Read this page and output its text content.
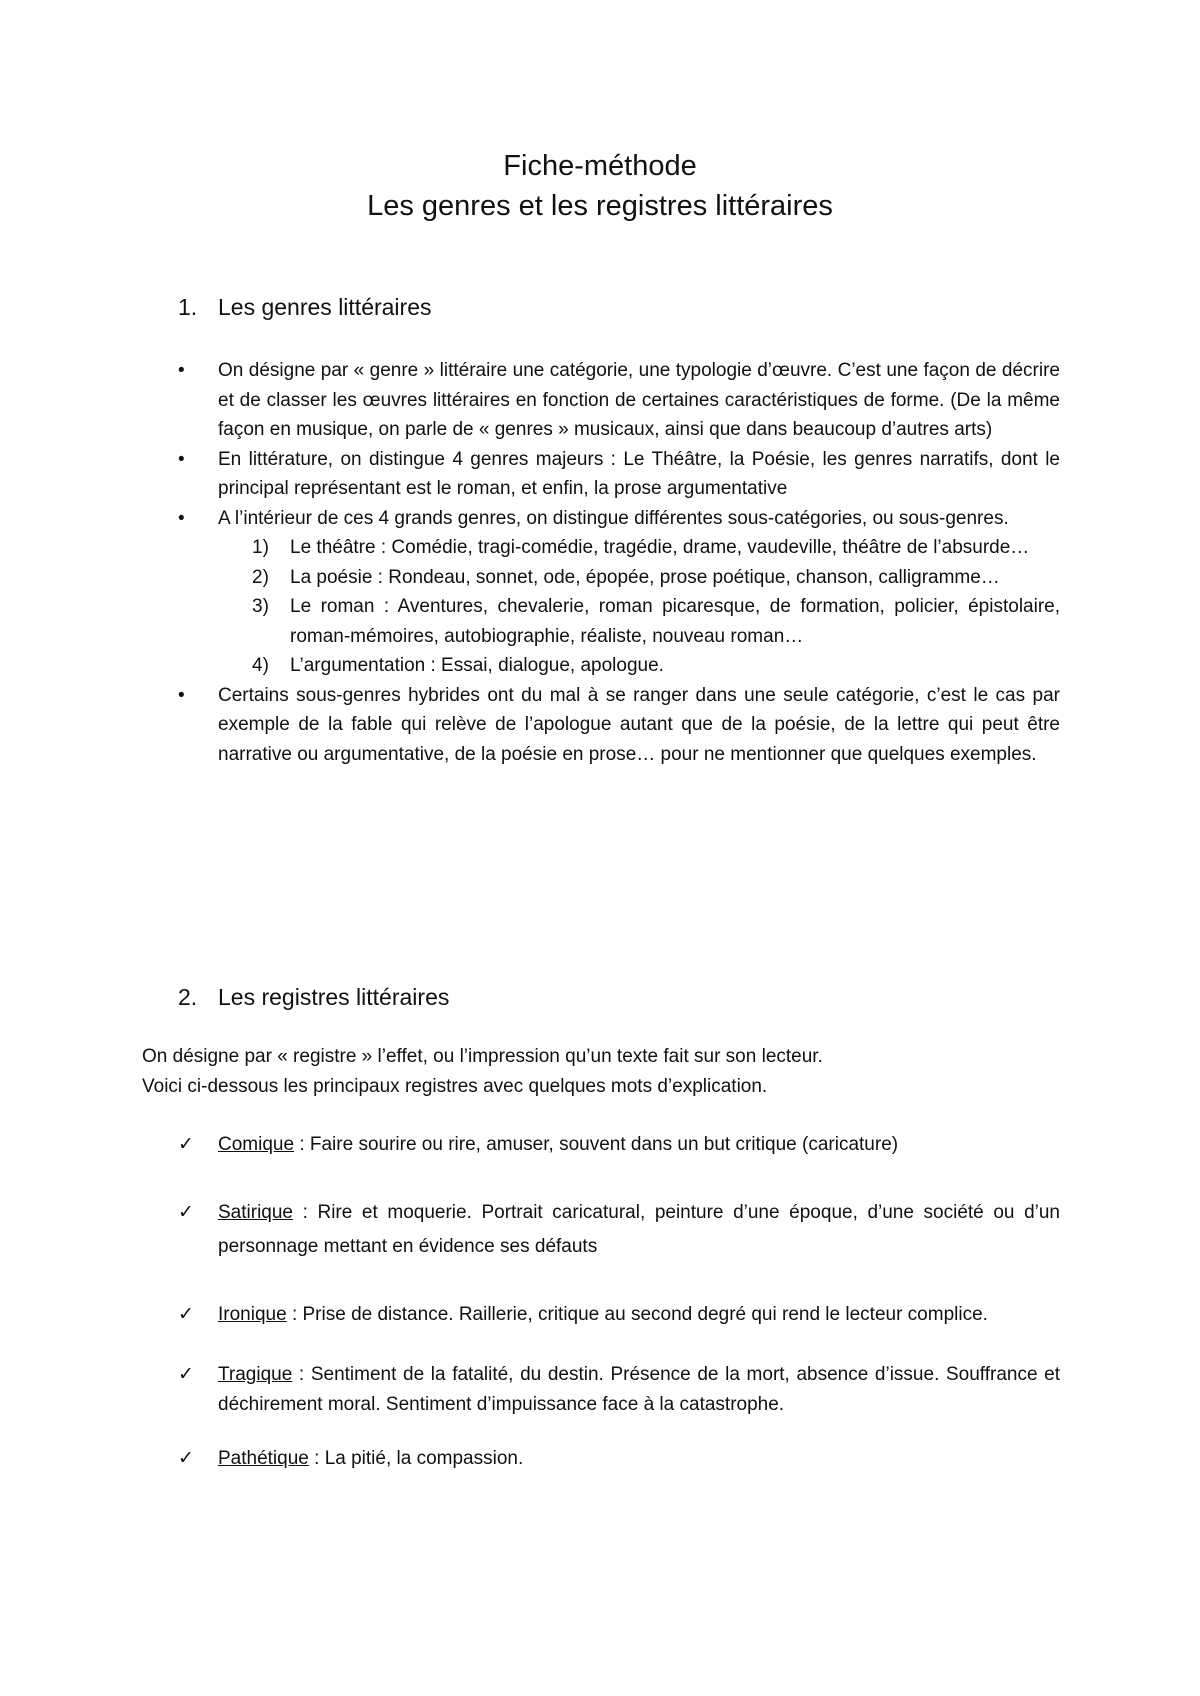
Fiche-méthode
Les genres et les registres littéraires
1. Les genres littéraires
•	On désigne par « genre » littéraire une catégorie, une typologie d’œuvre. C’est une façon de décrire et de classer les œuvres littéraires en fonction de certaines caractéristiques de forme. (De la même façon en musique, on parle de « genres » musicaux, ainsi que dans beaucoup d’autres arts)
•	En littérature, on distingue 4 genres majeurs : Le Théâtre, la Poésie, les genres narratifs, dont le principal représentant est le roman, et enfin, la prose argumentative
•	A l’intérieur de ces 4 grands genres, on distingue différentes sous-catégories, ou sous-genres.
1) Le théâtre : Comédie, tragi-comédie, tragédie, drame, vaudeville, théâtre de l’absurde…
2) La poésie : Rondeau, sonnet, ode, épopée, prose poétique, chanson, calligramme…
3) Le roman : Aventures, chevalerie, roman picaresque, de formation, policier, épistolaire, roman-mémoires, autobiographie, réaliste, nouveau roman…
4) L’argumentation : Essai, dialogue, apologue.
•	Certains sous-genres hybrides ont du mal à se ranger dans une seule catégorie, c’est le cas par exemple de la fable qui relève de l’apologue autant que de la poésie, de la lettre qui peut être narrative ou argumentative, de la poésie en prose… pour ne mentionner que quelques exemples.
2. Les registres littéraires
On désigne par « registre » l’effet, ou l’impression qu’un texte fait sur son lecteur.
Voici ci-dessous les principaux registres avec quelques mots d’explication.
✓ Comique : Faire sourire ou rire, amuser, souvent dans un but critique (caricature)
✓ Satirique : Rire et moquerie. Portrait caricatural, peinture d’une époque, d’une société ou d’un personnage mettant en évidence ses défauts
✓ Ironique : Prise de distance. Raillerie, critique au second degré qui rend le lecteur complice.
✓ Tragique : Sentiment de la fatalité, du destin. Présence de la mort, absence d’issue. Souffrance et déchirement moral. Sentiment d’impuissance face à la catastrophe.
✓ Pathétique : La pitié, la compassion.
